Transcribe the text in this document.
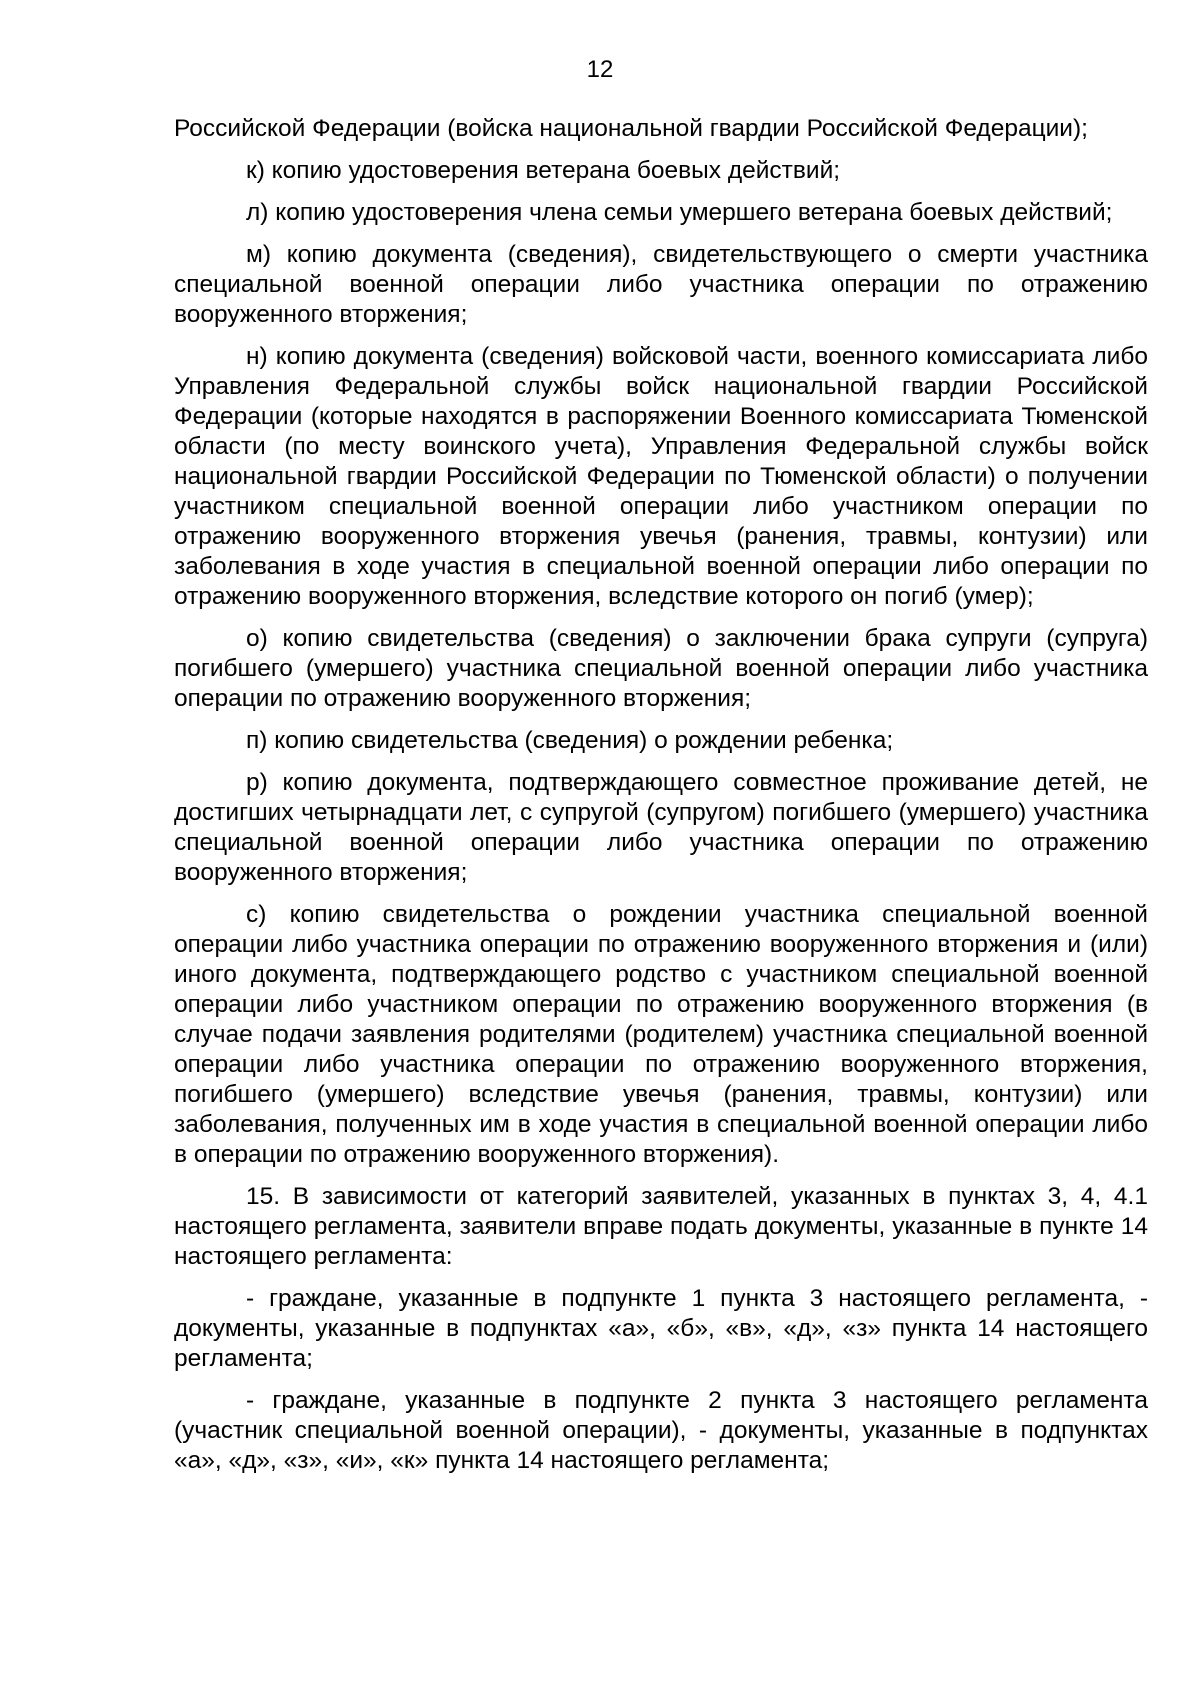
12

Российской Федерации (войска национальной гвардии Российской Федерации);

к) копию удостоверения ветерана боевых действий;

л) копию удостоверения члена семьи умершего ветерана боевых действий;

м) копию документа (сведения), свидетельствующего о смерти участника специальной военной операции либо участника операции по отражению вооруженного вторжения;

н) копию документа (сведения) войсковой части, военного комиссариата либо Управления Федеральной службы войск национальной гвардии Российской Федерации (которые находятся в распоряжении Военного комиссариата Тюменской области (по месту воинского учета), Управления Федеральной службы войск национальной гвардии Российской Федерации по Тюменской области) о получении участником специальной военной операции либо участником операции по отражению вооруженного вторжения увечья (ранения, травмы, контузии) или заболевания в ходе участия в специальной военной операции либо операции по отражению вооруженного вторжения, вследствие которого он погиб (умер);

о) копию свидетельства (сведения) о заключении брака супруги (супруга) погибшего (умершего) участника специальной военной операции либо участника операции по отражению вооруженного вторжения;

п) копию свидетельства (сведения) о рождении ребенка;

р) копию документа, подтверждающего совместное проживание детей, не достигших четырнадцати лет, с супругой (супругом) погибшего (умершего) участника специальной военной операции либо участника операции по отражению вооруженного вторжения;

с) копию свидетельства о рождении участника специальной военной операции либо участника операции по отражению вооруженного вторжения и (или) иного документа, подтверждающего родство с участником специальной военной операции либо участником операции по отражению вооруженного вторжения (в случае подачи заявления родителями (родителем) участника специальной военной операции либо участника операции по отражению вооруженного вторжения, погибшего (умершего) вследствие увечья (ранения, травмы, контузии) или заболевания, полученных им в ходе участия в специальной военной операции либо в операции по отражению вооруженного вторжения).

15. В зависимости от категорий заявителей, указанных в пунктах 3, 4, 4.1 настоящего регламента, заявители вправе подать документы, указанные в пункте 14 настоящего регламента:

- граждане, указанные в подпункте 1 пункта 3 настоящего регламента, - документы, указанные в подпунктах «а», «б», «в», «д», «з» пункта 14 настоящего регламента;

- граждане, указанные в подпункте 2 пункта 3 настоящего регламента (участник специальной военной операции), - документы, указанные в подпунктах «а», «д», «з», «и», «к» пункта 14 настоящего регламента;
